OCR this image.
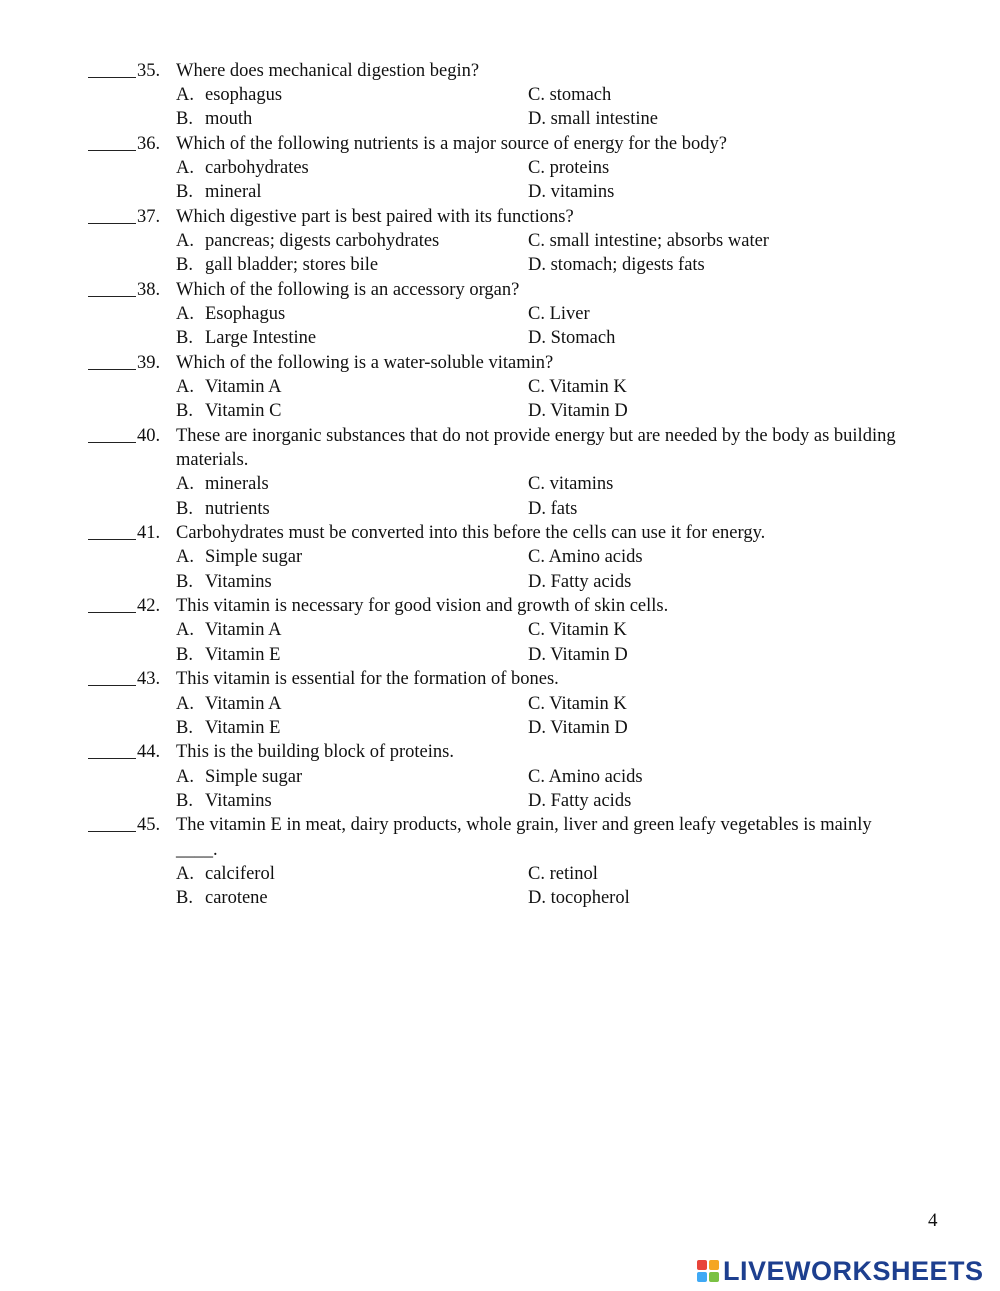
35. Where does mechanical digestion begin?
A. esophagus	C. stomach
B. mouth	D. small intestine
36. Which of the following nutrients is a major source of energy for the body?
A. carbohydrates	C. proteins
B. mineral	D. vitamins
37. Which digestive part is best paired with its functions?
A. pancreas; digests carbohydrates	C. small intestine; absorbs water
B. gall bladder; stores bile	D. stomach; digests fats
38. Which of the following is an accessory organ?
A. Esophagus	C. Liver
B. Large Intestine	D. Stomach
39. Which of the following is a water-soluble vitamin?
A. Vitamin A	C. Vitamin K
B. Vitamin C	D. Vitamin D
40. These are inorganic substances that do not provide energy but are needed by the body as building
materials.
A. minerals	C. vitamins
B. nutrients	D. fats
41. Carbohydrates must be converted into this before the cells can use it for energy.
A. Simple sugar	C. Amino acids
B. Vitamins	D. Fatty acids
42. This vitamin is necessary for good vision and growth of skin cells.
A. Vitamin A	C. Vitamin K
B. Vitamin E	D. Vitamin D
43. This vitamin is essential for the formation of bones.
A. Vitamin A	C. Vitamin K
B. Vitamin E	D. Vitamin D
44. This is the building block of proteins.
A. Simple sugar	C. Amino acids
B. Vitamins	D. Fatty acids
45. The vitamin E in meat, dairy products, whole grain, liver and green leafy vegetables is mainly
____.
A. calciferol	C. retinol
B. carotene	D. tocopherol
4
LIVEWORKSHEETS
